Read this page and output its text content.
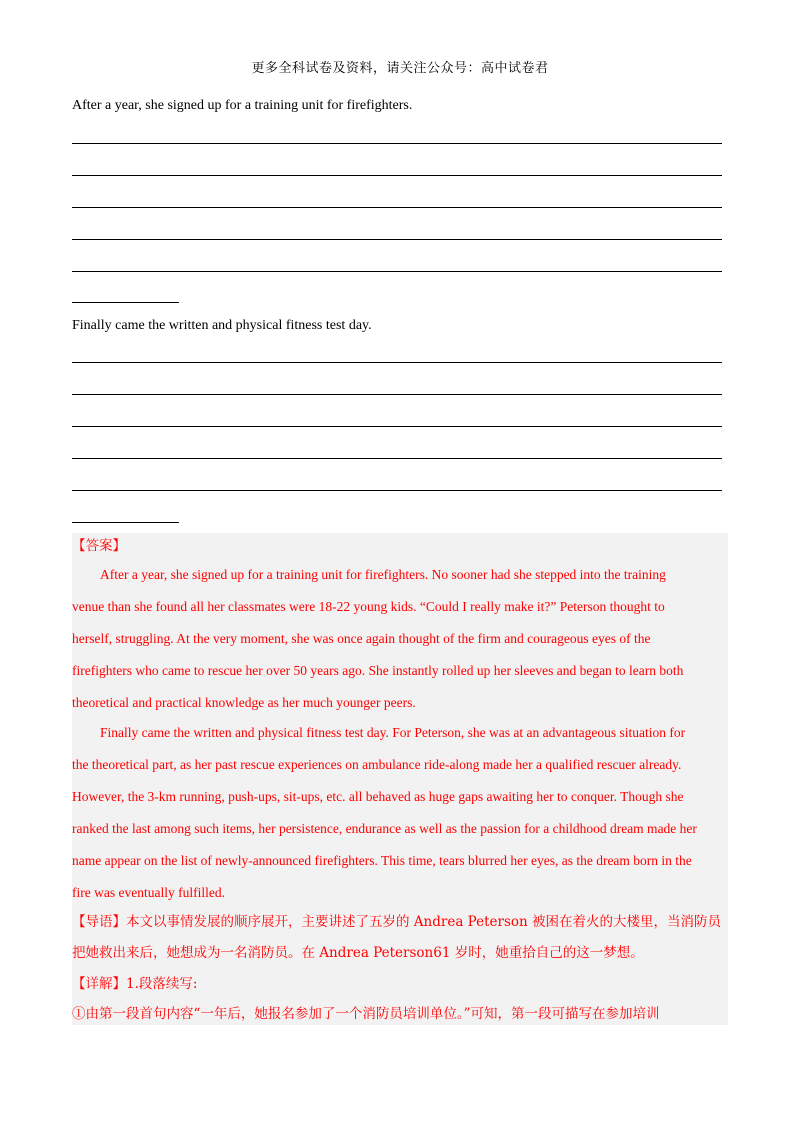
更多全科试卷及资料，请关注公众号：高中试卷君
After a year, she signed up for a training unit for firefighters.
Finally came the written and physical fitness test day.
【答案】
After a year, she signed up for a training unit for firefighters. No sooner had she stepped into the training
venue than she found all her classmates were 18-22 young kids. “Could I really make it?” Peterson thought to
herself, struggling. At the very moment, she was once again thought of the firm and courageous eyes of the
firefighters who came to rescue her over 50 years ago. She instantly rolled up her sleeves and began to learn both
theoretical and practical knowledge as her much younger peers.
Finally came the written and physical fitness test day. For Peterson, she was at an advantageous situation for
the theoretical part, as her past rescue experiences on ambulance ride-along made her a qualified rescuer already.
However, the 3-km running, push-ups, sit-ups, etc. all behaved as huge gaps awaiting her to conquer. Though she
ranked the last among such items, her persistence, endurance as well as the passion for a childhood dream made her
name appear on the list of newly-announced firefighters. This time, tears blurred her eyes, as the dream born in the
fire was eventually fulfilled.
【导语】本文以事情发展的顺序展开，主要讲述了五岁的 Andrea Peterson 被困在着火的大楼里，当消防员
把她救出来后，她想成为一名消防员。在 Andrea Peterson61 岁时，她重拾自己的这一梦想。
【详解】1.段落续写:
①由第一段首句内容“一年后，她报名参加了一个消防员培训单位。”可知，第一段可描写在参加培训
